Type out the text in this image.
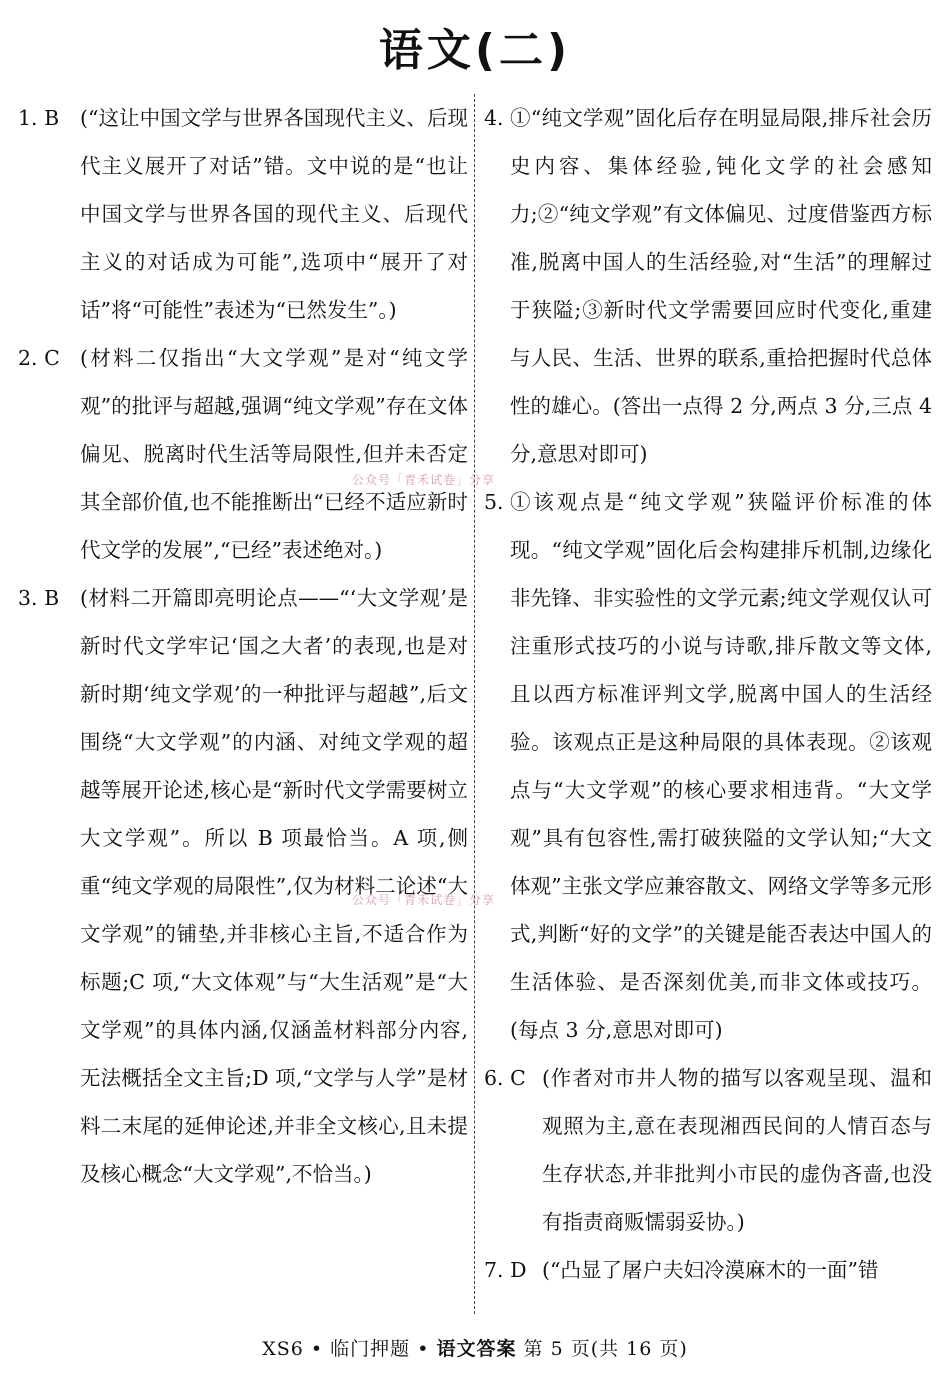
语文(二)
1. B	(“这让中国文学与世界各国现代主义、后现代主义展开了对话”错。文中说的是“也让中国文学与世界各国的现代主义、后现代主义的对话成为可能”,选项中“展开了对话”将“可能性”表述为“已然发生”。)
2. C (材料二仅指出“大文学观”是对“纯文学观”的批评与超越,强调“纯文学观”存在文体偏见、脱离时代生活等局限性,但并未否定其全部价值,也不能推断出“已经不适应新时代文学的发展”,“已经”表述绝对。)
3. B	(材料二开篇即亮明论点——“‘大文学观’是新时代文学牢记‘国之大者’的表现,也是对新时期‘纯文学观’的一种批评与超越”,后文围绕“大文学观”的内涵、对纯文学观的超越等展开论述,核心是“新时代文学需要树立大文学观”。所以 B 项最恰当。A 项,侧重“纯文学观的局限性”,仅为材料二论述“大文学观”的铺垫,并非核心主旨,不适合作为标题;C 项,“大文体观”与“大生活观”是“大文学观”的具体内涵,仅涵盖材料部分内容,无法概括全文主旨;D 项,“文学与人学”是材料二末尾的延伸论述,并非全文核心,且未提及核心概念“大文学观”,不恰当。)
4. ①“纯文学观”固化后存在明显局限,排斥社会历史内容、集体经验,钝化文学的社会感知力;②“纯文学观”有文体偏见、过度借鉴西方标准,脱离中国人的生活经验,对“生活”的理解过于狭隘;③新时代文学需要回应时代变化,重建与人民、生活、世界的联系,重拾把握时代总体性的雄心。(答出一点得 2 分,两点 3 分,三点 4 分,意思对即可)
5. ①该观点是“纯文学观”狭隘评价标准的体现。“纯文学观”固化后会构建排斥机制,边缘化非先锋、非实验性的文学元素;纯文学观仅认可注重形式技巧的小说与诗歌,排斥散文等文体,且以西方标准评判文学,脱离中国人的生活经验。该观点正是这种局限的具体表现。②该观点与“大文学观”的核心要求相违背。“大文学观”具有包容性,需打破狭隘的文学认知;“大文体观”主张文学应兼容散文、网络文学等多元形式,判断“好的文学”的关键是能否表达中国人的生活体验、是否深刻优美,而非文体或技巧。(每点 3 分,意思对即可)
6. C (作者对市井人物的描写以客观呈现、温和观照为主,意在表现湘西民间的人情百态与生存状态,并非批判小市民的虚伪吝啬,也没有指责商贩懦弱妥协。)
7. D (“凸显了屠户夫妇冷漠麻木的一面”错
公众号「青禾试卷」分享
公众号「青禾试卷」分享
XS6 • 临门押题 • 语文答案 第 5 页(共 16 页)
